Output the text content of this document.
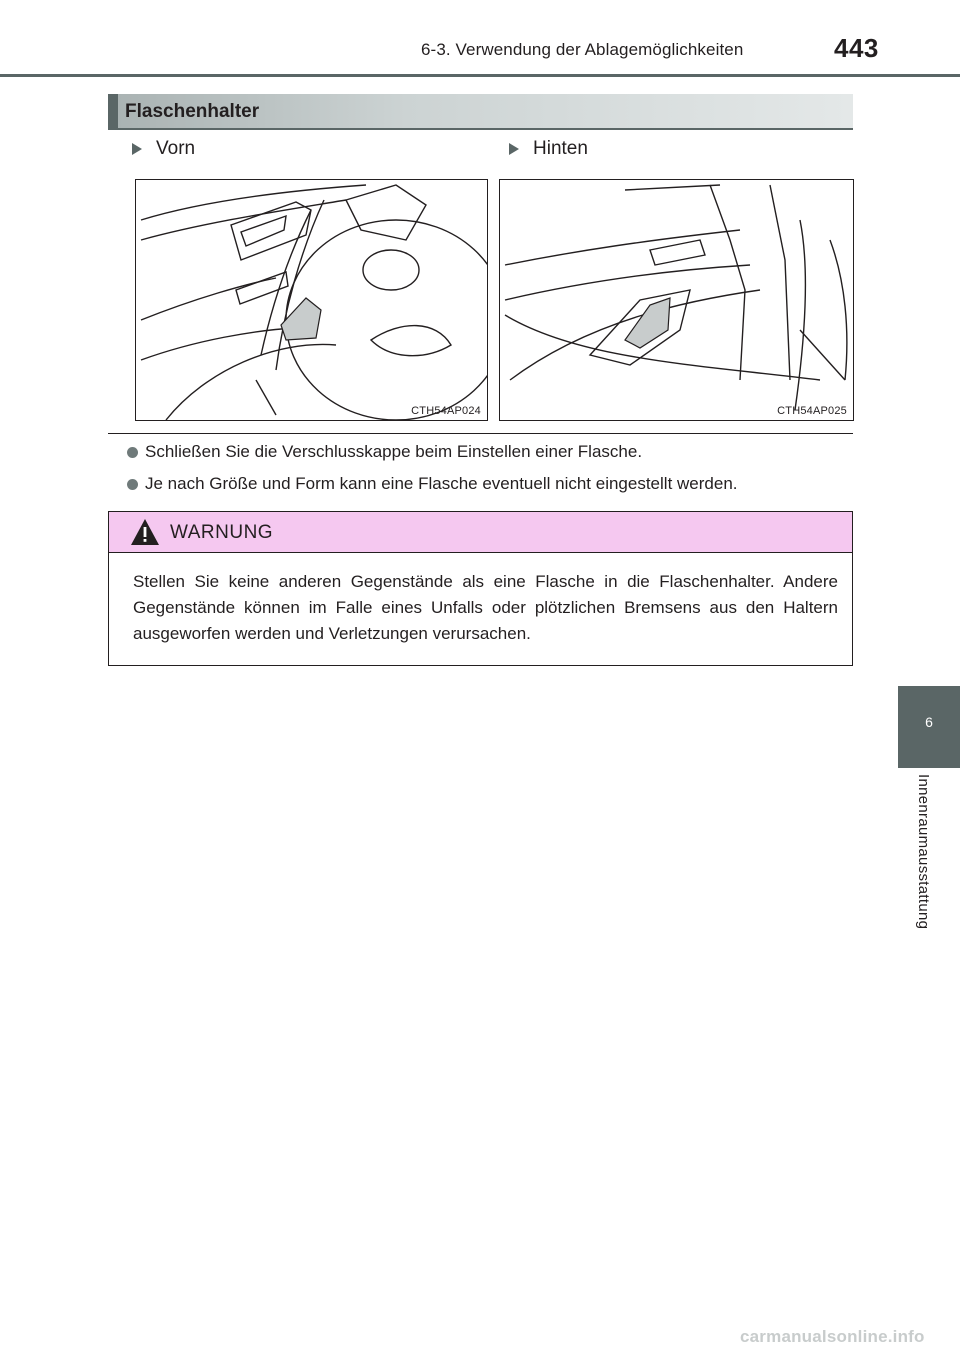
6-3. Verwendung der Ablagemöglichkeiten	443
Flaschenhalter
Vorn	Hinten
CTH54AP024	CTH54AP025
Schließen Sie die Verschlusskappe beim Einstellen einer Flasche.
Je nach Größe und Form kann eine Flasche eventuell nicht eingestellt werden.
WARNUNG
Stellen Sie keine anderen Gegenstände als eine Flasche in die Flaschenhalter. Andere Gegenstände können im Falle eines Unfalls oder plötzlichen Bremsens aus den Haltern ausgeworfen werden und Verletzungen verursachen.
6
Innenraumausstattung
carmanualsonline.info
